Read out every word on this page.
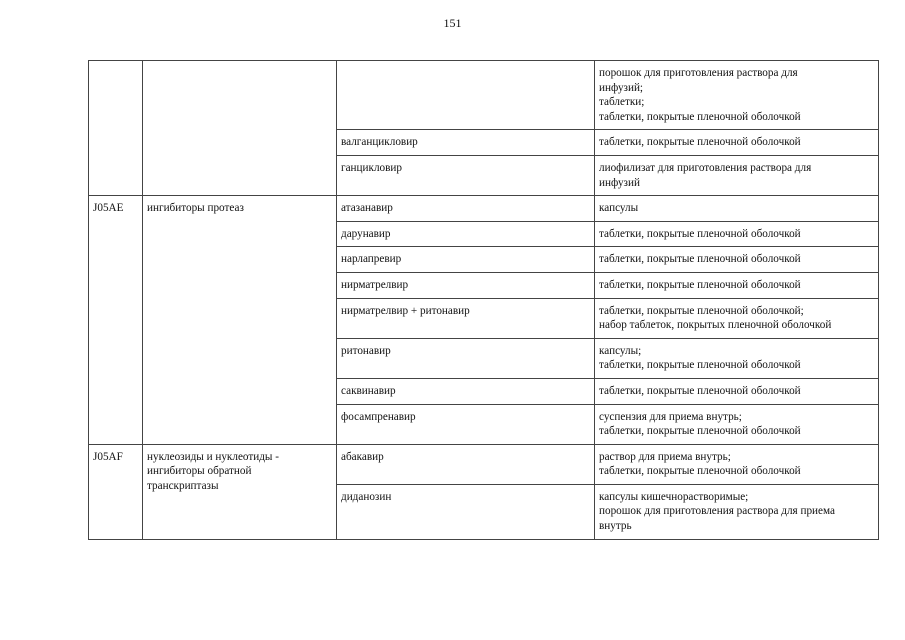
151

			порошок для приготовления раствора для
инфузий;
таблетки;
таблетки, покрытые пленочной оболочкой

		валганцикловир	таблетки, покрытые пленочной оболочкой

		ганцикловир	лиофилизат для приготовления раствора для
инфузий

J05AE	ингибиторы протеаз	атазанавир	капсулы

		дарунавир	таблетки, покрытые пленочной оболочкой

		нарлапревир	таблетки, покрытые пленочной оболочкой

		нирматрелвир	таблетки, покрытые пленочной оболочкой

		нирматрелвир + ритонавир	таблетки, покрытые пленочной оболочкой;
набор таблеток, покрытых пленочной оболочкой

		ритонавир	капсулы;
таблетки, покрытые пленочной оболочкой

		саквинавир	таблетки, покрытые пленочной оболочкой

		фосампренавир	суспензия для приема внутрь;
таблетки, покрытые пленочной оболочкой

J05AF	нуклеозиды и нуклеотиды -
ингибиторы обратной
транскриптазы	абакавир	раствор для приема внутрь;
таблетки, покрытые пленочной оболочкой

		диданозин	капсулы кишечнорастворимые;
порошок для приготовления раствора для приема
внутрь
